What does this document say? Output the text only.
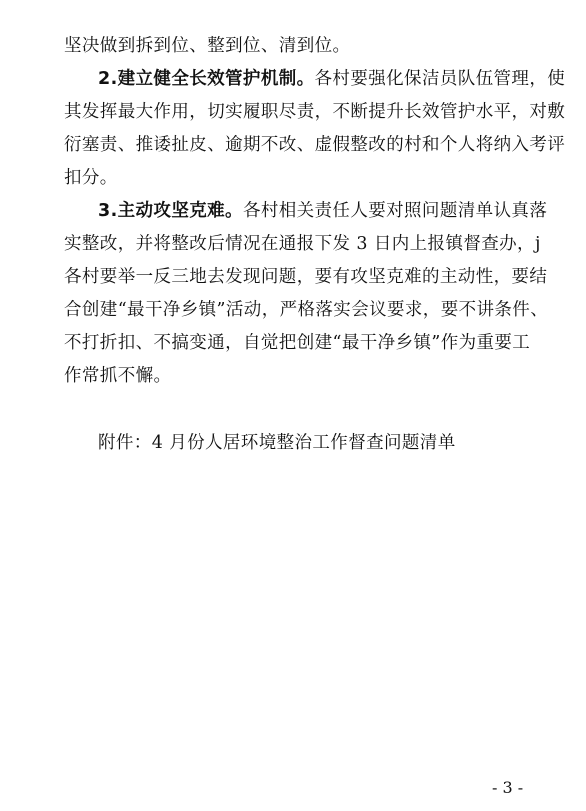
坚决做到拆到位、整到位、清到位。
2.建立健全长效管护机制。各村要强化保洁员队伍管理，使
其发挥最大作用，切实履职尽责，不断提升长效管护水平，对敷
衍塞责、推诿扯皮、逾期不改、虚假整改的村和个人将纳入考评
扣分。
3.主动攻坚克难。各村相关责任人要对照问题清单认真落
实整改，并将整改后情况在通报下发 3 日内上报镇督查办，j
各村要举一反三地去发现问题，要有攻坚克难的主动性，要结
合创建“最干净乡镇”活动，严格落实会议要求，要不讲条件、
不打折扣、不搞变通，自觉把创建“最干净乡镇”作为重要工
作常抓不懈。
附件：4 月份人居环境整治工作督查问题清单
- 3 -
